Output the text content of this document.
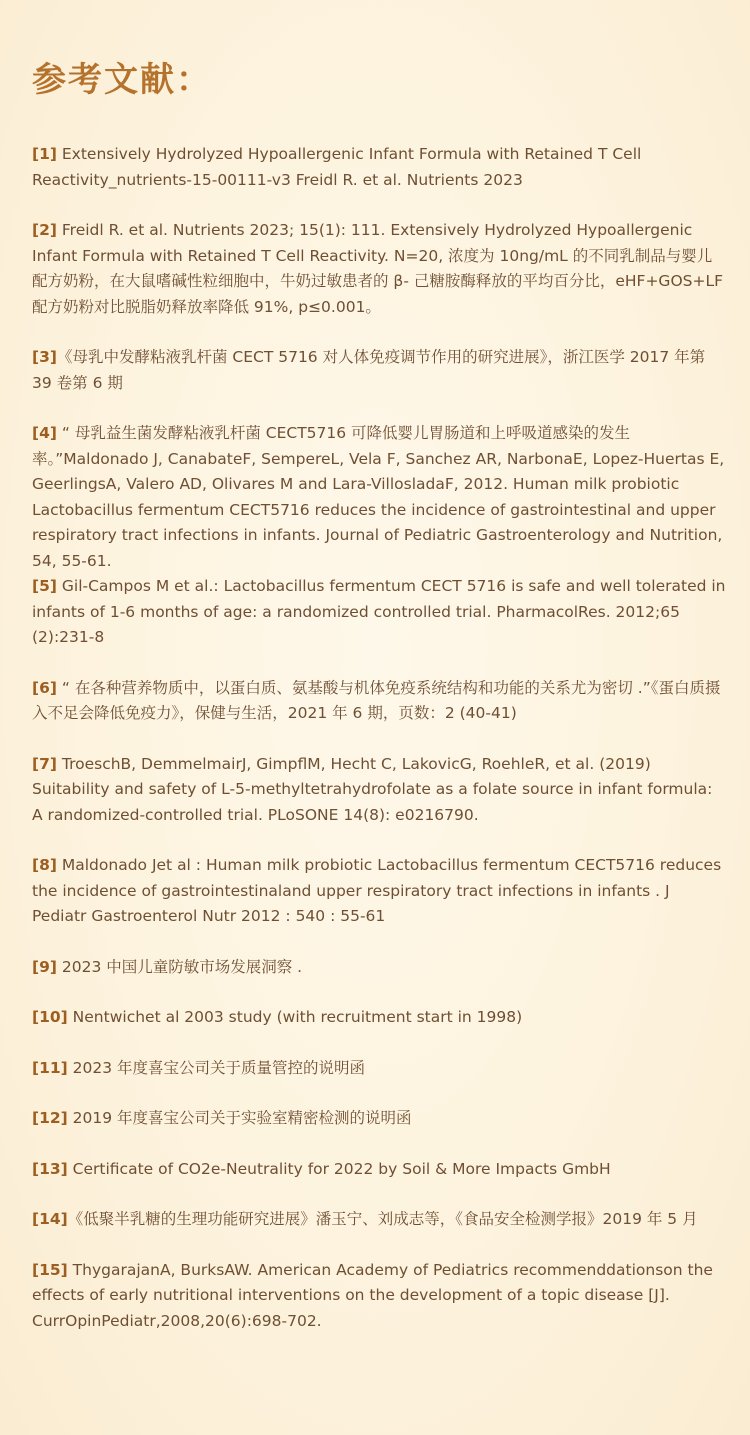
参考文献：

[1] Extensively Hydrolyzed Hypoallergenic Infant Formula with Retained T Cell Reactivity_nutrients-15-00111-v3 Freidl R. et al. Nutrients 2023

[2] Freidl R. et al. Nutrients 2023; 15(1): 111. Extensively Hydrolyzed Hypoallergenic Infant Formula with Retained T Cell Reactivity. N=20, 浓度为 10ng/mL 的不同乳制品与婴儿配方奶粉，在大鼠嗜碱性粒细胞中，牛奶过敏患者的 β- 己糖胺酶释放的平均百分比，eHF+GOS+LF 配方奶粉对比脱脂奶释放率降低 91%, p≤0.001。

[3]《母乳中发酵粘液乳杆菌 CECT 5716 对人体免疫调节作用的研究进展》，浙江医学 2017 年第 39 卷第 6 期

[4] “ 母乳益生菌发酵粘液乳杆菌 CECT5716 可降低婴儿胃肠道和上呼吸道感染的发生率。”Maldonado J, CanabateF, SempereL, Vela F, Sanchez AR, NarbonaE, Lopez-Huertas E, GeerlingsA, Valero AD, Olivares M and Lara-VillosladaF, 2012. Human milk probiotic Lactobacillus fermentum CECT5716 reduces the incidence of gastrointestinal and upper respiratory tract infections in infants. Journal of Pediatric Gastroenterology and Nutrition, 54, 55-61.

[5] Gil-Campos M et al.: Lactobacillus fermentum CECT 5716 is safe and well tolerated in infants of 1-6 months of age: a randomized controlled trial. PharmacolRes. 2012;65 (2):231-8

[6] “ 在各种营养物质中，以蛋白质、氨基酸与机体免疫系统结构和功能的关系尤为密切 .”《蛋白质摄入不足会降低免疫力》，保健与生活，2021 年 6 期，页数：2 (40-41)

[7] TroeschB, DemmelmairJ, GimpflM, Hecht C, LakovicG, RoehleR, et al. (2019) Suitability and safety of L-5-methyltetrahydrofolate as a folate source in infant formula: A randomized-controlled trial. PLoSONE 14(8): e0216790.

[8] Maldonado Jet al : Human milk probiotic Lactobacillus fermentum CECT5716 reduces the incidence of gastrointestinaland upper respiratory tract infections in infants . J Pediatr Gastroenterol Nutr 2012 : 540 : 55-61

[9] 2023 中国儿童防敏市场发展洞察 .

[10] Nentwichet al 2003 study (with recruitment start in 1998)

[11] 2023 年度喜宝公司关于质量管控的说明函

[12] 2019 年度喜宝公司关于实验室精密检测的说明函

[13] Certificate of CO2e-Neutrality for 2022 by Soil & More Impacts GmbH

[14]《低聚半乳糖的生理功能研究进展》潘玉宁、刘成志等，《食品安全检测学报》2019 年 5 月

[15] ThygarajanA, BurksAW. American Academy of Pediatrics recommenddationson the effects of early nutritional interventions on the development of a topic disease [J]. CurrOpinPediatr,2008,20(6):698-702.
